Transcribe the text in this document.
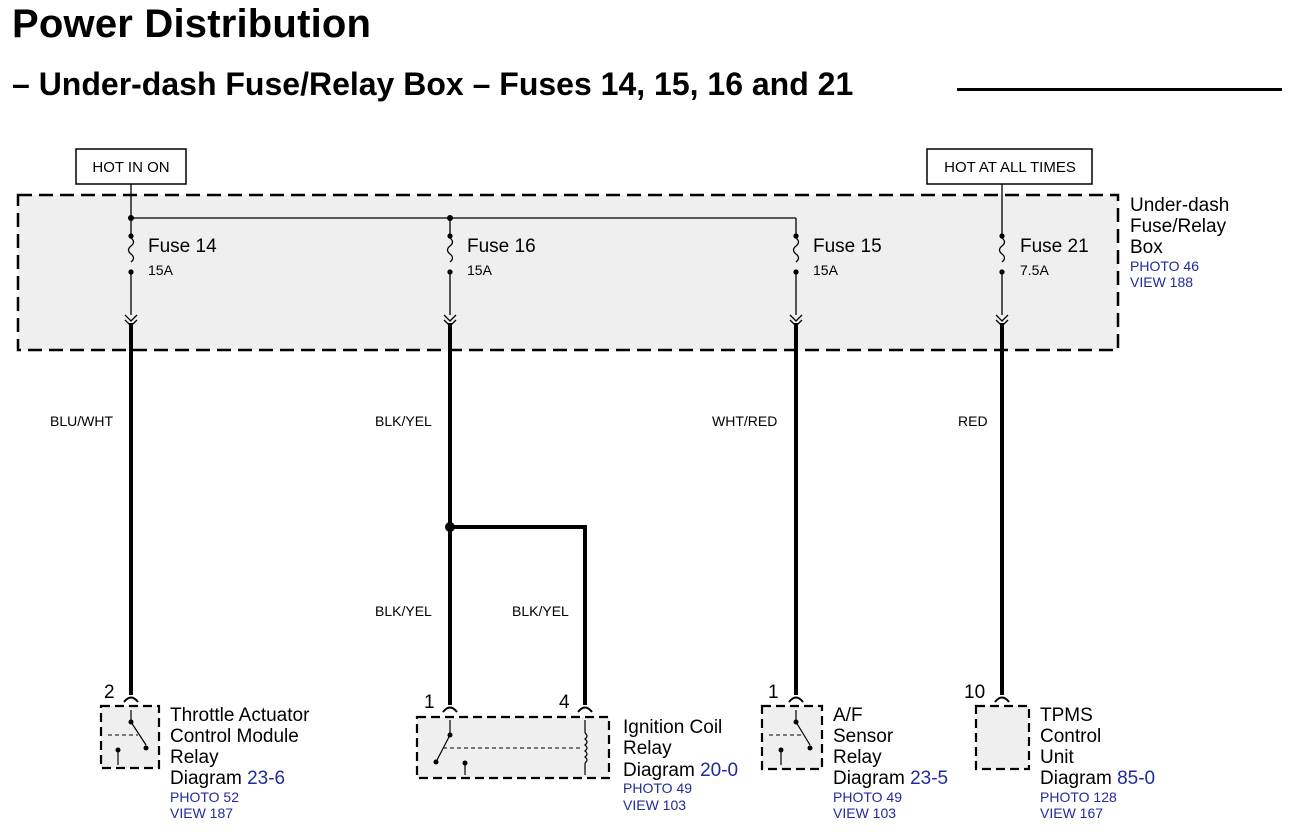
Power Distribution
– Under-dash Fuse/Relay Box – Fuses 14, 15, 16 and 21
HOT IN ON	HOT AT ALL TIMES
Under-dash
Fuse/Relay
Box
PHOTO 46
VIEW 188
Fuse 14
15A
Fuse 16
15A
Fuse 15
15A
Fuse 21
7.5A
BLU/WHT	BLK/YEL	WHT/RED	RED
BLK/YEL	BLK/YEL
2
Throttle Actuator
Control Module
Relay
Diagram 23-6
PHOTO 52
VIEW 187
1	4
Ignition Coil
Relay
Diagram 20-0
PHOTO 49
VIEW 103
1
A/F
Sensor
Relay
Diagram 23-5
PHOTO 49
VIEW 103
10
TPMS
Control
Unit
Diagram 85-0
PHOTO 128
VIEW 167
